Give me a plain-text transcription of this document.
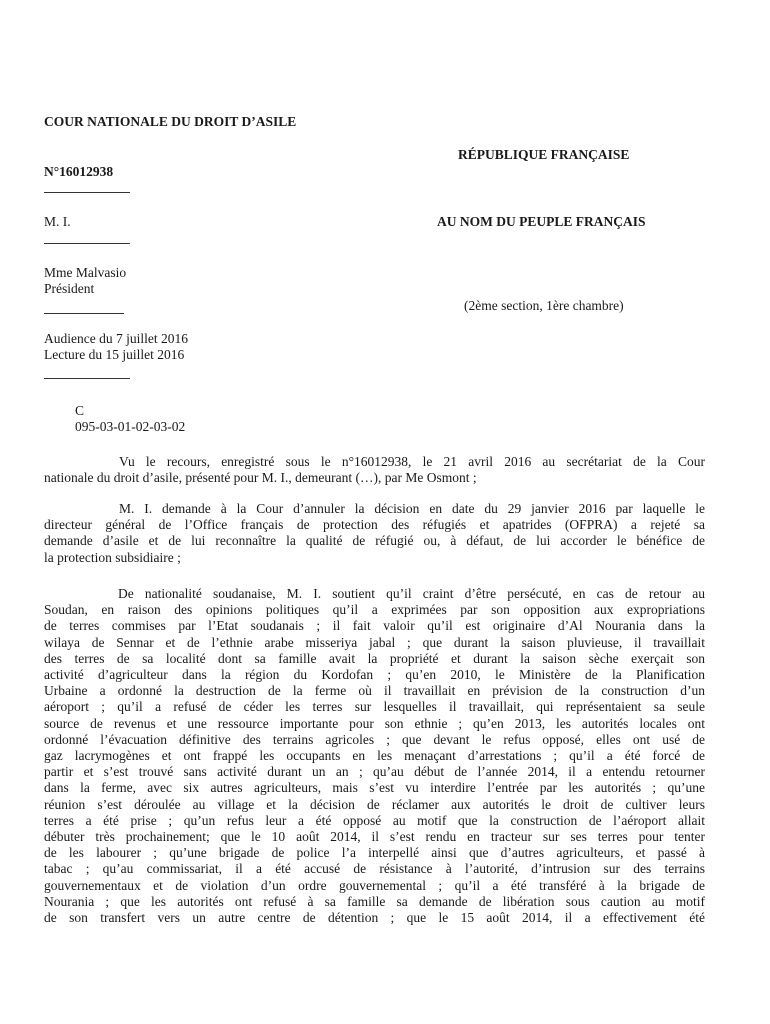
COUR NATIONALE DU DROIT D’ASILE
N°16012938
M. I.
Mme Malvasio
Président
Audience du 7 juillet 2016
Lecture du 15 juillet 2016
RÉPUBLIQUE FRANÇAISE
AU NOM DU PEUPLE FRANÇAIS
(2ème section, 1ère chambre)
C
095-03-01-02-03-02
Vu le recours, enregistré sous le n°16012938, le 21 avril 2016 au secrétariat de la Cour
nationale du droit d’asile, présenté pour M. I., demeurant (…), par Me Osmont ;
M. I. demande à la Cour d’annuler la décision en date du 29 janvier 2016 par laquelle le
directeur général de l’Office français de protection des réfugiés et apatrides (OFPRA) a rejeté sa
demande d’asile et de lui reconnaître la qualité de réfugié ou, à défaut, de lui accorder le bénéfice de
la protection subsidiaire ;
De nationalité soudanaise, M. I. soutient qu’il craint d’être persécuté, en cas de retour au
Soudan, en raison des opinions politiques qu’il a exprimées par son opposition aux expropriations
de terres commises par l’Etat soudanais ; il fait valoir qu’il est originaire d’Al Nourania dans la
wilaya de Sennar et de l’ethnie arabe misseriya jabal ; que durant la saison pluvieuse, il travaillait
des terres de sa localité dont sa famille avait la propriété et durant la saison sèche exerçait son
activité d’agriculteur dans la région du Kordofan ; qu’en 2010, le Ministère de la Planification
Urbaine a ordonné la destruction de la ferme où il travaillait en prévision de la construction d’un
aéroport ; qu’il a refusé de céder les terres sur lesquelles il travaillait, qui représentaient sa seule
source de revenus et une ressource importante pour son ethnie ; qu’en 2013, les autorités locales ont
ordonné l’évacuation définitive des terrains agricoles ; que devant le refus opposé, elles ont usé de
gaz lacrymogènes et ont frappé les occupants en les menaçant d’arrestations ; qu’il a été forcé de
partir et s’est trouvé sans activité durant un an ; qu’au début de l’année 2014, il a entendu retourner
dans la ferme, avec six autres agriculteurs, mais s’est vu interdire l’entrée par les autorités ; qu’une
réunion s’est déroulée au village et la décision de réclamer aux autorités le droit de cultiver leurs
terres a été prise ; qu’un refus leur a été opposé au motif que la construction de l’aéroport allait
débuter très prochainement; que le 10 août 2014, il s’est rendu en tracteur sur ses terres pour tenter
de les labourer ; qu’une brigade de police l’a interpellé ainsi que d’autres agriculteurs, et passé à
tabac ; qu’au commissariat, il a été accusé de résistance à l’autorité, d’intrusion sur des terrains
gouvernementaux et de violation d’un ordre gouvernemental ; qu’il a été transféré à la brigade de
Nourania ; que les autorités ont refusé à sa famille sa demande de libération sous caution au motif
de son transfert vers un autre centre de détention ; que le 15 août 2014, il a effectivement été
